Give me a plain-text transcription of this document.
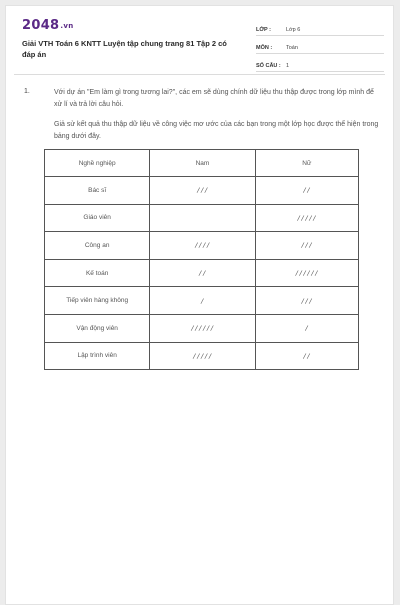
2048.vn
Giải VTH Toán 6 KNTT Luyện tập chung trang 81 Tập 2 có đáp án
LỚP :	Lớp 6
MÔN :	Toán
SỐ CÂU : 1
1.	Với dự án "Em làm gì trong tương lai?", các em sẽ dùng chính dữ liệu thu thập được trong lớp mình để xử lí và trả lời câu hỏi.
Giả sử kết quả thu thập dữ liệu về công việc mơ ước của các bạn trong một lớp học được thể hiện trong bảng dưới đây.
Nghề nghiệp	Nam	Nữ
Bác sĩ	///	//
Giáo viên		/////
Công an	////	///
Kế toán	//	//////
Tiếp viên hàng không	/	///
Vận động viên	//////	/
Lập trình viên	/////	//
